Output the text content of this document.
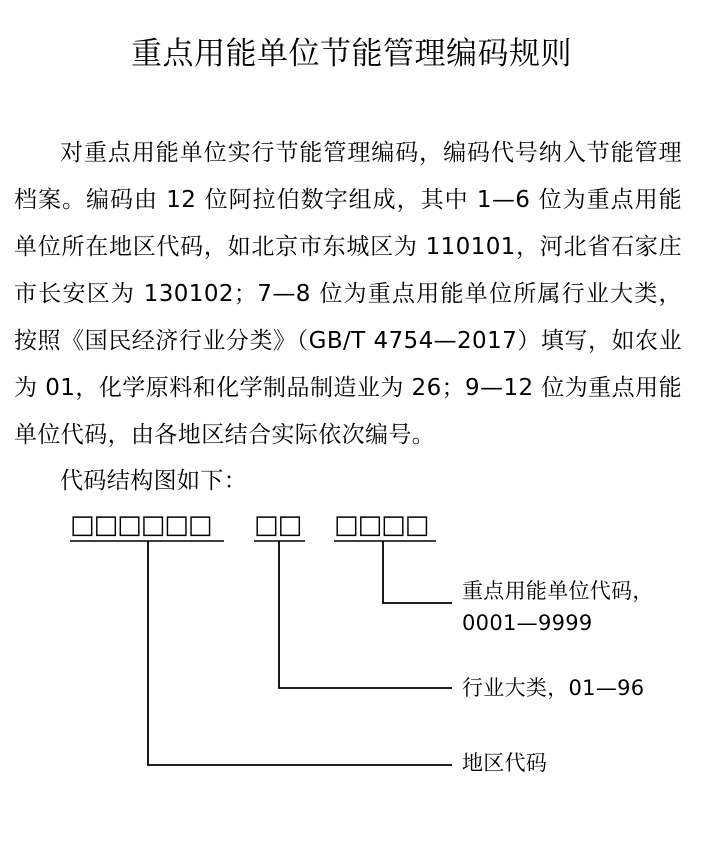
重点用能单位节能管理编码规则
对重点用能单位实行节能管理编码，编码代号纳入节能管理档案。编码由 12 位阿拉伯数字组成，其中 1—6 位为重点用能单位所在地区代码，如北京市东城区为 110101，河北省石家庄市长安区为 130102；7—8 位为重点用能单位所属行业大类，按照《国民经济行业分类》（GB/T 4754—2017）填写，如农业为 01，化学原料和化学制品制造业为 26；9—12 位为重点用能单位代码，由各地区结合实际依次编号。
代码结构图如下：
□□□□□□ □□ □□□□
重点用能单位代码，
0001—9999
行业大类，01—96
地区代码
